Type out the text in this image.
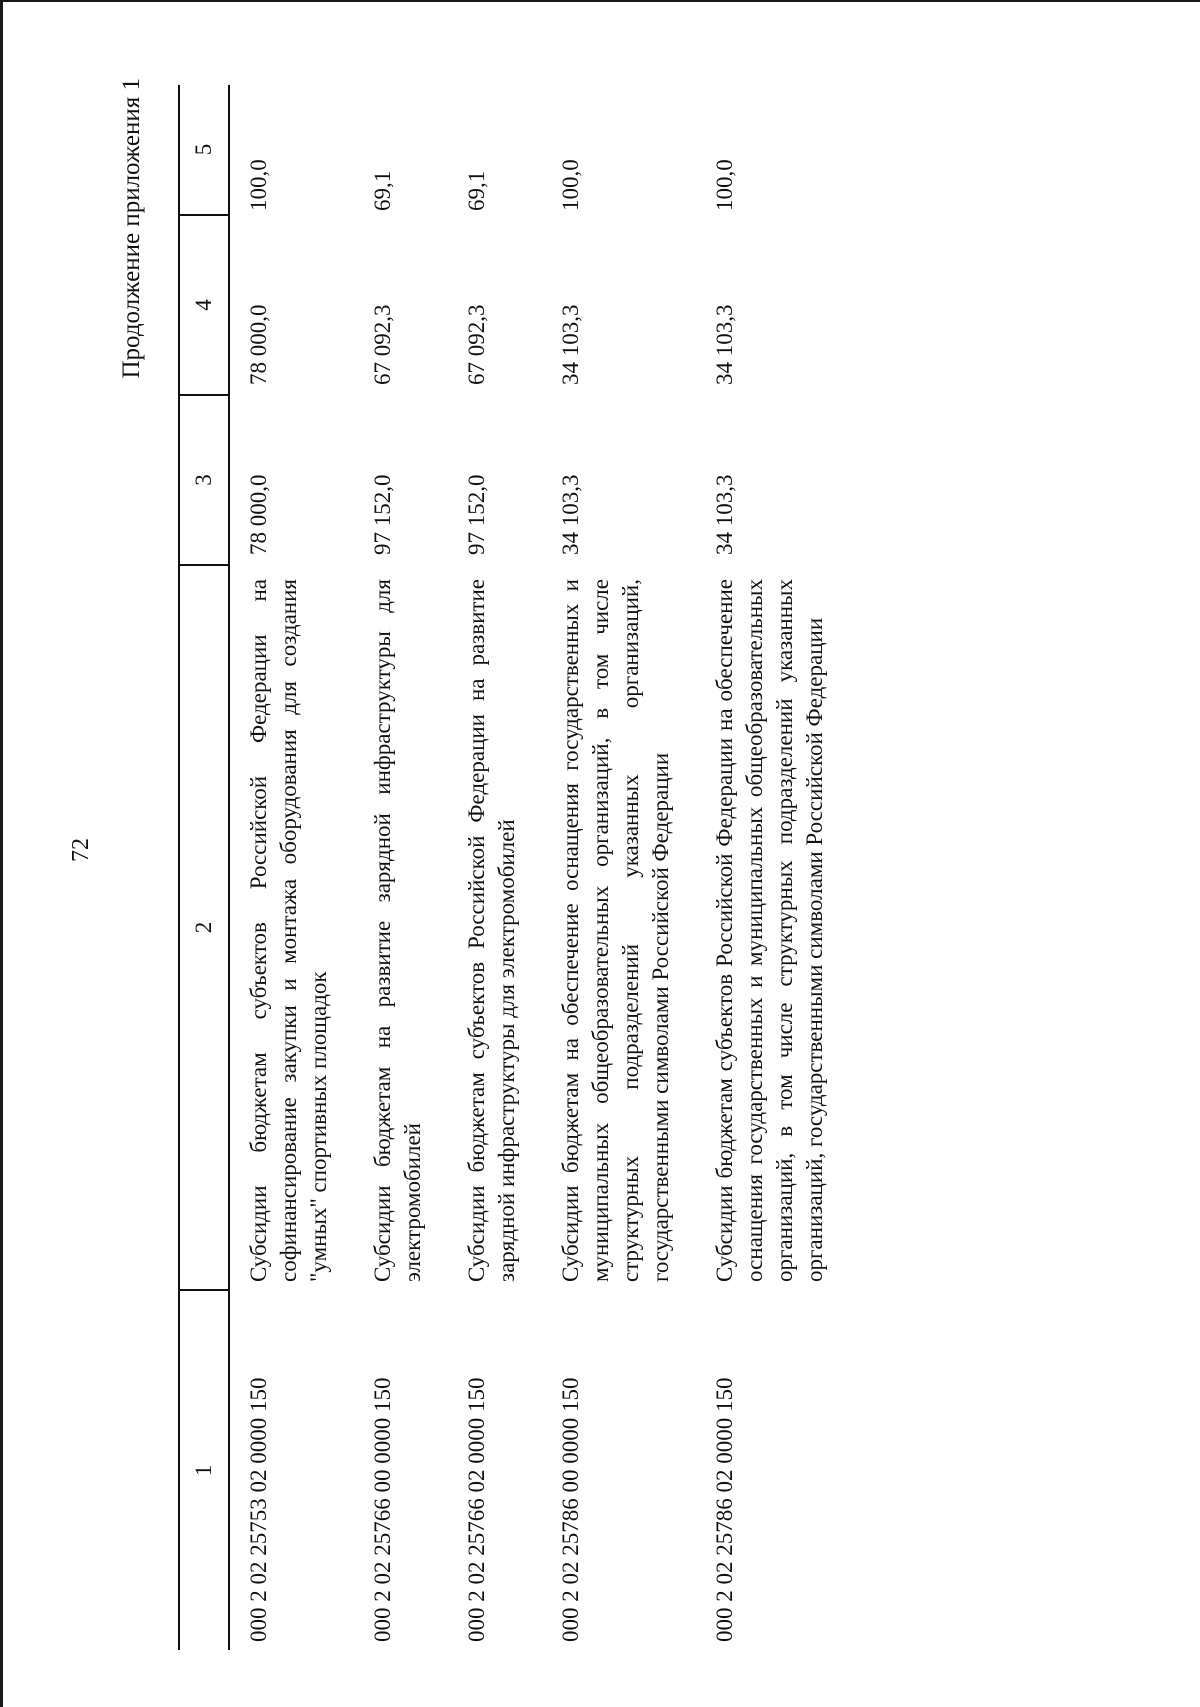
72

Продолжение приложения 1

1	2	3	4	5
000 2 02 25753 02 0000 150	Субсидии бюджетам субъектов Российской Федерации на софинансирование закупки и монтажа оборудования для создания "умных" спортивных площадок	78 000,0	78 000,0	100,0
000 2 02 25766 00 0000 150	Субсидии бюджетам на развитие зарядной инфраструктуры для электромобилей	97 152,0	67 092,3	69,1
000 2 02 25766 02 0000 150	Субсидии бюджетам субъектов Российской Федерации на развитие зарядной инфраструктуры для электромобилей	97 152,0	67 092,3	69,1
000 2 02 25786 00 0000 150	Субсидии бюджетам на обеспечение оснащения государственных и муниципальных общеобразовательных организаций, в том числе структурных подразделений указанных организаций, государственными символами Российской Федерации	34 103,3	34 103,3	100,0
000 2 02 25786 02 0000 150	Субсидии бюджетам субъектов Российской Федерации на обеспечение оснащения государственных и муниципальных общеобразовательных организаций, в том числе структурных подразделений указанных организаций, государственными символами Российской Федерации	34 103,3	34 103,3	100,0
